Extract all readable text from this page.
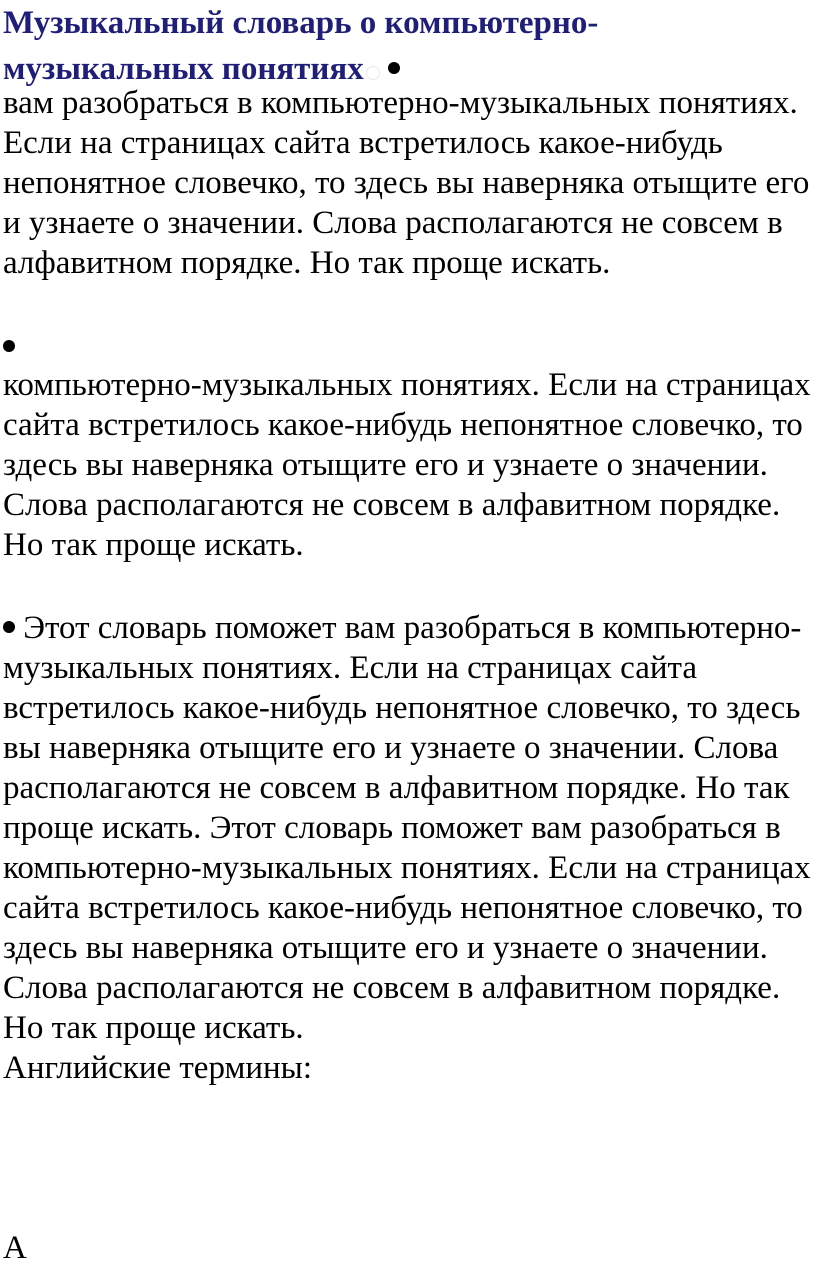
Музыкальный словарь о компьютерно-музыкальных понятиях

вам разобраться в компьютерно-музыкальных понятиях. Если на страницах сайта встретилось какое-нибудь непонятное словечко, то здесь вы наверняка отыщите его и узнаете о значении. Слова располагаются не совсем в алфавитном порядке. Но так проще искать.

компьютерно-музыкальных понятиях. Если на страницах сайта встретилось какое-нибудь непонятное словечко, то здесь вы наверняка отыщите его и узнаете о значении. Слова располагаются не совсем в алфавитном порядке. Но так проще искать.

Этот словарь поможет вам разобраться в компьютерно-музыкальных понятиях. Если на страницах сайта встретилось какое-нибудь непонятное словечко, то здесь вы наверняка отыщите его и узнаете о значении. Слова располагаются не совсем в алфавитном порядке. Но так проще искать. Этот словарь поможет вам разобраться в компьютерно-музыкальных понятиях. Если на страницах сайта встретилось какое-нибудь непонятное словечко, то здесь вы наверняка отыщите его и узнаете о значении. Слова располагаются не совсем в алфавитном порядке. Но так проще искать.
Английские термины:

A
